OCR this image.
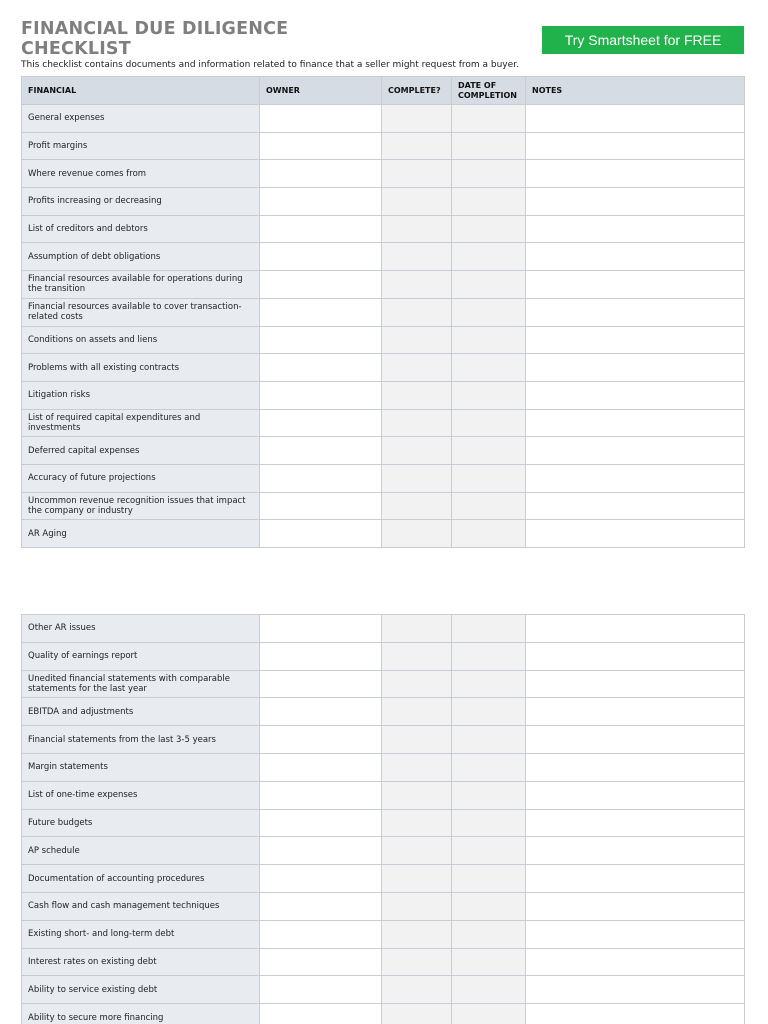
FINANCIAL DUE DILIGENCE CHECKLIST	Try Smartsheet for FREE
This checklist contains documents and information related to finance that a seller might request from a buyer.
FINANCIAL	OWNER	COMPLETE?	DATE OF COMPLETION	NOTES
General expenses				
Profit margins				
Where revenue comes from				
Profits increasing or decreasing				
List of creditors and debtors				
Assumption of debt obligations				
Financial resources available for operations during the transition				
Financial resources available to cover transaction-related costs				
Conditions on assets and liens				
Problems with all existing contracts				
Litigation risks				
List of required capital expenditures and investments				
Deferred capital expenses				
Accuracy of future projections				
Uncommon revenue recognition issues that impact the company or industry				
AR Aging				
Other AR issues				
Quality of earnings report				
Unedited financial statements with comparable statements for the last year				
EBITDA and adjustments				
Financial statements from the last 3-5 years				
Margin statements				
List of one-time expenses				
Future budgets				
AP schedule				
Documentation of accounting procedures				
Cash flow and cash management techniques				
Existing short- and long-term debt				
Interest rates on existing debt				
Ability to service existing debt				
Ability to secure more financing				
